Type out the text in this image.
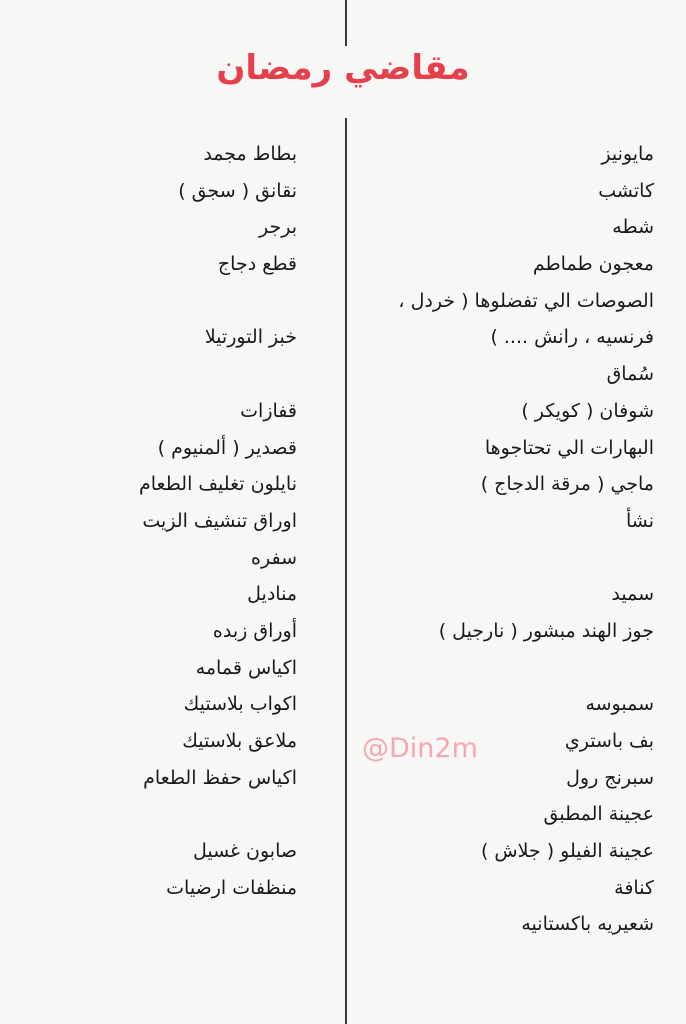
مقاضي رمضان
مايونيز
كاتشب
شطه
معجون طماطم
الصوصات الي تفضلوها ( خردل ،
فرنسيه ، رانش .... )
سُماق
شوفان ( كويكر )
البهارات الي تحتاجوها
ماجي ( مرقة الدجاج )
نشأ
سميد
جوز الهند مبشور ( نارجيل )
سمبوسه
بف باستري
سبرنج رول
عجينة المطبق
عجينة الفيلو ( جلاش )
كنافة
شعيريه باكستانيه
بطاط مجمد
نقانق ( سجق )
برجر
قطع دجاج
خبز التورتيلا
قفازات
قصدير ( ألمنيوم )
نايلون تغليف الطعام
اوراق تنشيف الزيت
سفره
مناديل
أوراق زبده
اكياس قمامه
اكواب بلاستيك
ملاعق بلاستيك
اكياس حفظ الطعام
صابون غسيل
منظفات ارضيات
@Din2m
